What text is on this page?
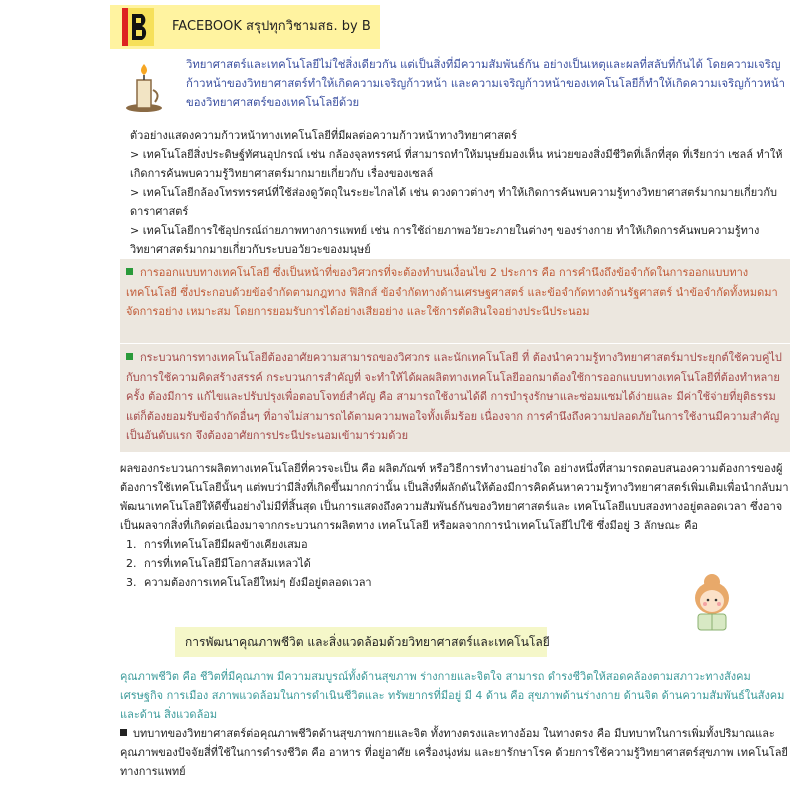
FACEBOOK สรุปทุกวิชามสธ. by B
วิทยาศาสตร์และเทคโนโลยีไม่ใช่สิ่งเดียวกัน แต่เป็นสิ่งที่มีความสัมพันธ์กัน อย่างเป็นเหตุและผลที่สลับที่กันได้ โดยความเจริญก้าวหน้าของวิทยาศาสตร์ทำให้เกิดความเจริญก้าวหน้า และความเจริญก้าวหน้าของเทคโนโลยีก็ทำให้เกิดความเจริญก้าวหน้าของวิทยาศาสตร์ของเทคโนโลยีด้วย
ตัวอย่างแสดงความก้าวหน้าทางเทคโนโลยีที่มีผลต่อความก้าวหน้าทางวิทยาศาสตร์
> เทคโนโลยีสิ่งประดิษฐ์ทัศนอุปกรณ์ เช่น กล้องจุลทรรศน์ ที่สามารถทำให้มนุษย์มองเห็น หน่วยของสิ่งมีชีวิตที่เล็กที่สุด ที่เรียกว่า เซลล์ ทำให้เกิดการค้นพบความรู้วิทยาศาสตร์มากมายเกี่ยวกับ เรื่องของเซลล์
> เทคโนโลยีกล้องโทรทรรศน์ที่ใช้ส่องดูวัตถุในระยะไกลได้ เช่น ดวงดาวต่างๆ ทำให้เกิดการค้นพบความรู้ทางวิทยาศาสตร์มากมายเกี่ยวกับดาราศาสตร์
> เทคโนโลยีการใช้อุปกรณ์ถ่ายภาพทางการแพทย์ เช่น การใช้ถ่ายภาพอวัยวะภายในต่างๆ ของร่างกาย ทำให้เกิดการค้นพบความรู้ทางวิทยาศาสตร์มากมายเกี่ยวกับระบบอวัยวะของมนุษย์
การออกแบบทางเทคโนโลยี ซึ่งเป็นหน้าที่ของวิศวกรที่จะต้องทำบนเงื่อนไข 2 ประการ คือ การคำนึงถึงข้อจำกัดในการออกแบบทางเทคโนโลยี ซึ่งประกอบด้วยข้อจำกัดตามกฎทาง ฟิสิกส์ ข้อจำกัดทางด้านเศรษฐศาสตร์ และข้อจำกัดทางด้านรัฐศาสตร์ นำข้อจำกัดทั้งหมดมาจัดการอย่าง เหมาะสม โดยการยอมรับการได้อย่างเสียอย่าง และใช้การตัดสินใจอย่างประนีประนอม
กระบวนการทางเทคโนโลยีต้องอาศัยความสามารถของวิศวกร และนักเทคโนโลยี ที่ ต้องนำความรู้ทางวิทยาศาสตร์มาประยุกต์ใช้ควบคู่ไปกับการใช้ความคิดสร้างสรรค์ กระบวนการสำคัญที่ จะทำให้ได้ผลผลิตทางเทคโนโลยีออกมาต้องใช้การออกแบบทางเทคโนโลยีที่ต้องทำหลายครั้ง ต้องมีการ แก้ไขและปรับปรุงเพื่อตอบโจทย์สำคัญ คือ สามารถใช้งานได้ดี การบำรุงรักษาและซ่อมแซมได้ง่ายและ มีค่าใช้จ่ายที่ยุติธรรม แต่ก็ต้องยอมรับข้อจำกัดอื่นๆ ที่อาจไม่สามารถได้ตามความพอใจทั้งเต็มร้อย เนื่องจาก การคำนึงถึงความปลอดภัยในการใช้งานมีความสำคัญเป็นอันดับแรก จึงต้องอาศัยการประนีประนอมเข้ามาร่วมด้วย
ผลของกระบวนการผลิตทางเทคโนโลยีที่ควรจะเป็น คือ ผลิตภัณฑ์ หรือวิธีการทำงานอย่างใด อย่างหนึ่งที่สามารถตอบสนองความต้องการของผู้ต้องการใช้เทคโนโลยีนั้นๆ แต่พบว่ามีสิ่งที่เกิดขึ้นมากกว่านั้น เป็นสิ่งที่ผลักดันให้ต้องมีการคิดค้นหาความรู้ทางวิทยาศาสตร์เพิ่มเติมเพื่อนำกลับมาพัฒนาเทคโนโลยีให้ดีขึ้นอย่างไม่มีที่สิ้นสุด เป็นการแสดงถึงความสัมพันธ์กันของวิทยาศาสตร์และ เทคโนโลยีแบบสองทางอยู่ตลอดเวลา ซึ่งอาจเป็นผลจากสิ่งที่เกิดต่อเนื่องมาจากกระบวนการผลิตทาง เทคโนโลยี หรือผลจากการนำเทคโนโลยีไปใช้ ซึ่งมีอยู่ 3 ลักษณะ คือ
1. การที่เทคโนโลยีมีผลข้างเคียงเสมอ
2. การที่เทคโนโลยีมีโอกาสล้มเหลวได้
3. ความต้องการเทคโนโลยีใหม่ๆ ยังมีอยู่ตลอดเวลา
การพัฒนาคุณภาพชีวิต และสิ่งแวดล้อมด้วยวิทยาศาสตร์และเทคโนโลยี
คุณภาพชีวิต คือ ชีวิตที่มีคุณภาพ มีความสมบูรณ์ทั้งด้านสุขภาพ ร่างกายและจิตใจ สามารถ ดำรงชีวิตให้สอดคล้องตามสภาวะทางสังคม เศรษฐกิจ การเมือง สภาพแวดล้อมในการดำเนินชีวิตและ ทรัพยากรที่มีอยู่ มี 4 ด้าน คือ สุขภาพด้านร่างกาย ด้านจิต ด้านความสัมพันธ์ในสังคม และด้าน สิ่งแวดล้อม
บทบาทของวิทยาศาสตร์ต่อคุณภาพชีวิตด้านสุขภาพกายและจิต ทั้งทางตรงและทางอ้อม ในทางตรง คือ มีบทบาทในการเพิ่มทั้งปริมาณและคุณภาพของปัจจัยสี่ที่ใช้ในการดำรงชีวิต คือ อาหาร ที่อยู่อาศัย เครื่องนุ่งห่ม และยารักษาโรค ด้วยการใช้ความรู้วิทยาศาสตร์สุขภาพ เทคโนโลยีทางการแพทย์
